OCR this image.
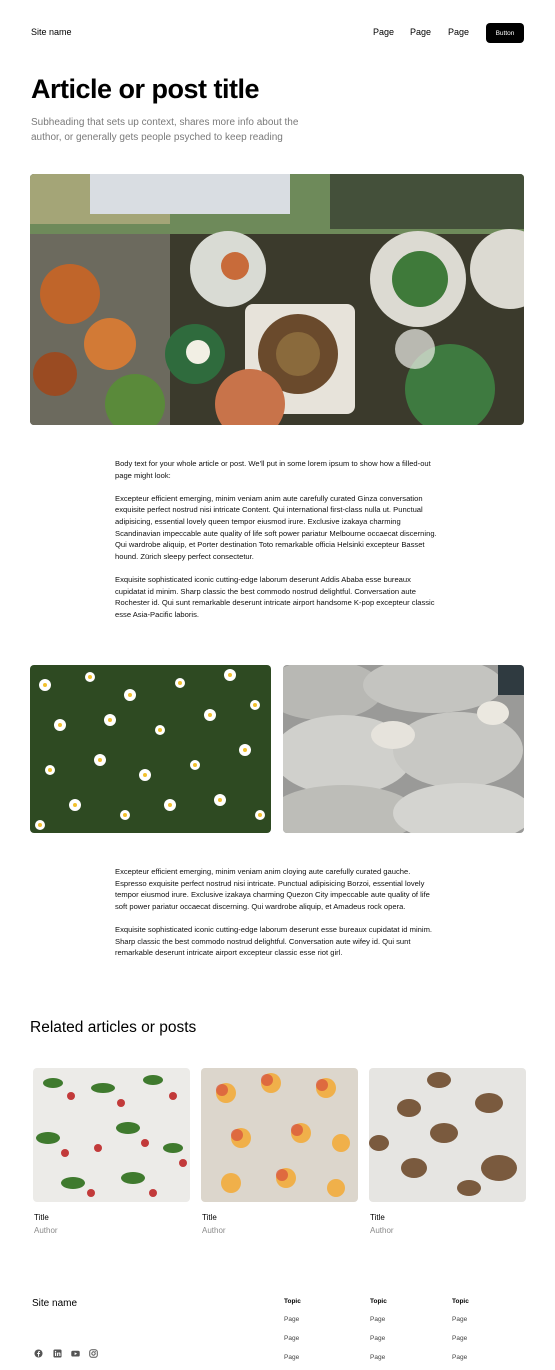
Site name	Page Page Page	Button
Article or post title
Subheading that sets up context, shares more info about the author, or generally gets people psyched to keep reading

Body text for your whole article or post. We'll put in some lorem ipsum to show how a filled-out page might look:

Excepteur efficient emerging, minim veniam anim aute carefully curated Ginza conversation exquisite perfect nostrud nisi intricate Content. Qui international first-class nulla ut. Punctual adipisicing, essential lovely queen tempor eiusmod irure. Exclusive izakaya charming Scandinavian impeccable aute quality of life soft power pariatur Melbourne occaecat discerning. Qui wardrobe aliquip, et Porter destination Toto remarkable officia Helsinki excepteur Basset hound. Zürich sleepy perfect consectetur.

Exquisite sophisticated iconic cutting-edge laborum deserunt Addis Ababa esse bureaux cupidatat id minim. Sharp classic the best commodo nostrud delightful. Conversation aute Rochester id. Qui sunt remarkable deserunt intricate airport handsome K-pop excepteur classic esse Asia-Pacific laboris.

Excepteur efficient emerging, minim veniam anim cloying aute carefully curated gauche. Espresso exquisite perfect nostrud nisi intricate. Punctual adipisicing Borzoi, essential lovely tempor eiusmod irure. Exclusive izakaya charming Quezon City impeccable aute quality of life soft power pariatur occaecat discerning. Qui wardrobe aliquip, et Amadeus rock opera.

Exquisite sophisticated iconic cutting-edge laborum deserunt esse bureaux cupidatat id minim. Sharp classic the best commodo nostrud delightful. Conversation aute wifey id. Qui sunt remarkable deserunt intricate airport excepteur classic esse riot girl.

Related articles or posts
Title
Author
Title
Author
Title
Author
Site name	Topic
Page
Page
Page
Topic
Page
Page
Page
Topic
Page
Page
Page
